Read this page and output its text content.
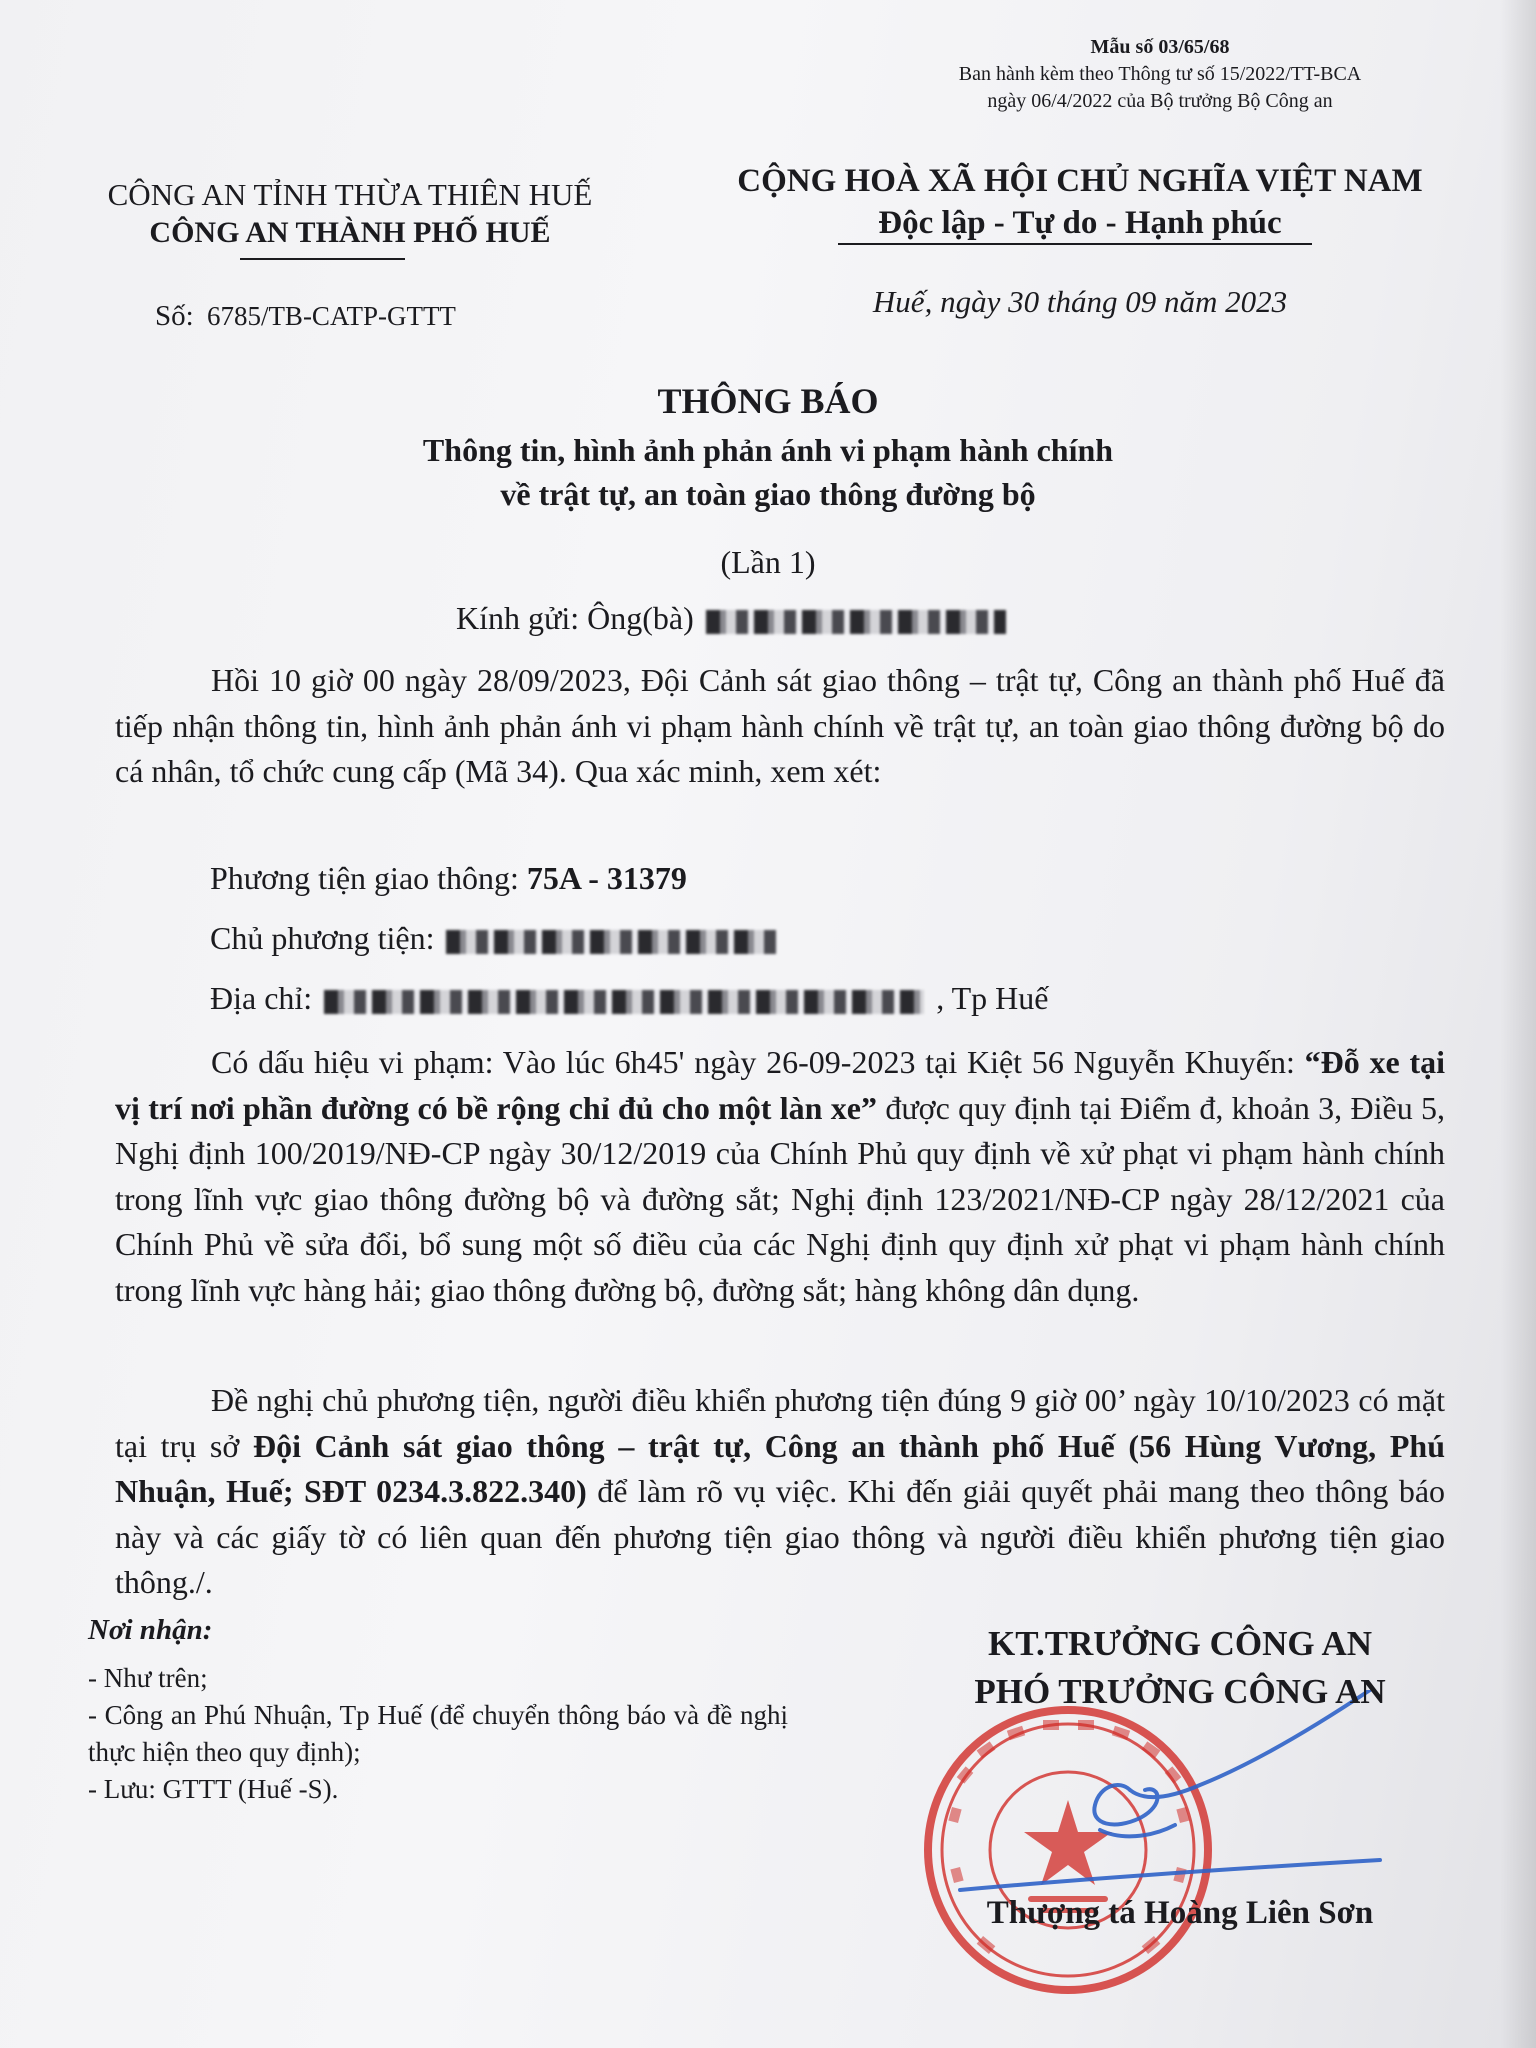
Mẫu số 03/65/68
Ban hành kèm theo Thông tư số 15/2022/TT-BCA
ngày 06/4/2022 của Bộ trưởng Bộ Công an
CÔNG AN TỈNH THỪA THIÊN HUẾ
CÔNG AN THÀNH PHỐ HUẾ
Số: 6785/TB-CATP-GTTT
CỘNG HOÀ XÃ HỘI CHỦ NGHĨA VIỆT NAM
Độc lập - Tự do - Hạnh phúc
Huế, ngày 30 tháng 09 năm 2023
THÔNG BÁO
Thông tin, hình ảnh phản ánh vi phạm hành chính
về trật tự, an toàn giao thông đường bộ
(Lần 1)
Kính gửi: Ông(bà)

Hồi 10 giờ 00 ngày 28/09/2023, Đội Cảnh sát giao thông – trật tự, Công an thành phố Huế đã tiếp nhận thông tin, hình ảnh phản ánh vi phạm hành chính về trật tự, an toàn giao thông đường bộ do cá nhân, tổ chức cung cấp (Mã 34). Qua xác minh, xem xét:

Phương tiện giao thông: 75A - 31379
Chủ phương tiện:
Địa chỉ:	, Tp Huế

Có dấu hiệu vi phạm: Vào lúc 6h45' ngày 26-09-2023 tại Kiệt 56 Nguyễn Khuyến: “Đỗ xe tại vị trí nơi phần đường có bề rộng chỉ đủ cho một làn xe” được quy định tại Điểm đ, khoản 3, Điều 5, Nghị định 100/2019/NĐ-CP ngày 30/12/2019 của Chính Phủ quy định về xử phạt vi phạm hành chính trong lĩnh vực giao thông đường bộ và đường sắt; Nghị định 123/2021/NĐ-CP ngày 28/12/2021 của Chính Phủ về sửa đổi, bổ sung một số điều của các Nghị định quy định xử phạt vi phạm hành chính trong lĩnh vực hàng hải; giao thông đường bộ, đường sắt; hàng không dân dụng.

Đề nghị chủ phương tiện, người điều khiển phương tiện đúng 9 giờ 00’ ngày 10/10/2023 có mặt tại trụ sở Đội Cảnh sát giao thông – trật tự, Công an thành phố Huế (56 Hùng Vương, Phú Nhuận, Huế; SĐT 0234.3.822.340) để làm rõ vụ việc. Khi đến giải quyết phải mang theo thông báo này và các giấy tờ có liên quan đến phương tiện giao thông và người điều khiển phương tiện giao thông./.

Nơi nhận:
- Như trên;
- Công an Phú Nhuận, Tp Huế (để chuyển thông báo và đề nghị thực hiện theo quy định);
- Lưu: GTTT (Huế -S).
KT.TRƯỞNG CÔNG AN
PHÓ TRƯỞNG CÔNG AN
Thượng tá Hoàng Liên Sơn
